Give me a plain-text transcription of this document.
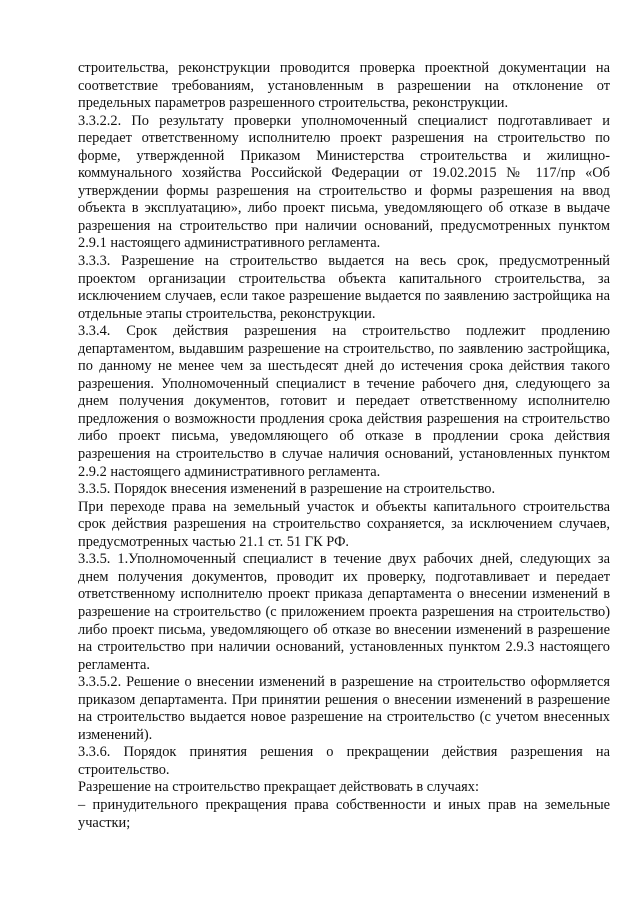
строительства, реконструкции проводится проверка проектной документации на соответствие требованиям, установленным в разрешении на отклонение от предельных параметров разрешенного строительства, реконструкции.

3.3.2.2. По результату проверки уполномоченный специалист подготавливает и передает ответственному исполнителю проект разрешения на строительство по форме, утвержденной Приказом Министерства строительства и жилищно-коммунального хозяйства Российской Федерации от 19.02.2015 № 117/пр «Об утверждении формы разрешения на строительство и формы разрешения на ввод объекта в эксплуатацию», либо проект письма, уведомляющего об отказе в выдаче разрешения на строительство при наличии оснований, предусмотренных пунктом 2.9.1 настоящего административного регламента.

3.3.3. Разрешение на строительство выдается на весь срок, предусмотренный проектом организации строительства объекта капитального строительства, за исключением случаев, если такое разрешение выдается по заявлению застройщика на отдельные этапы строительства, реконструкции.

3.3.4. Срок действия разрешения на строительство подлежит продлению департаментом, выдавшим разрешение на строительство, по заявлению застройщика, по данному не менее чем за шестьдесят дней до истечения срока действия такого разрешения. Уполномоченный специалист в течение рабочего дня, следующего за днем получения документов, готовит и передает ответственному исполнителю предложения о возможности продления срока действия разрешения на строительство либо проект письма, уведомляющего об отказе в продлении срока действия разрешения на строительство в случае наличия оснований, установленных пунктом 2.9.2 настоящего административного регламента.

3.3.5. Порядок внесения изменений в разрешение на строительство.

При переходе права на земельный участок и объекты капитального строительства срок действия разрешения на строительство сохраняется, за исключением случаев, предусмотренных частью 21.1 ст. 51 ГК РФ.

3.3.5. 1.Уполномоченный специалист в течение двух рабочих дней, следующих за днем получения документов, проводит их проверку, подготавливает и передает ответственному исполнителю проект приказа департамента о внесении изменений в разрешение на строительство (с приложением проекта разрешения на строительство) либо проект письма, уведомляющего об отказе во внесении изменений в разрешение на строительство при наличии оснований, установленных пунктом 2.9.3 настоящего регламента.

3.3.5.2. Решение о внесении изменений в разрешение на строительство оформляется приказом департамента. При принятии решения о внесении изменений в разрешение на строительство выдается новое разрешение на строительство (с учетом внесенных изменений).

3.3.6. Порядок принятия решения о прекращении действия разрешения на строительство.

Разрешение на строительство прекращает действовать в случаях:

– принудительного прекращения права собственности и иных прав на земельные участки;
